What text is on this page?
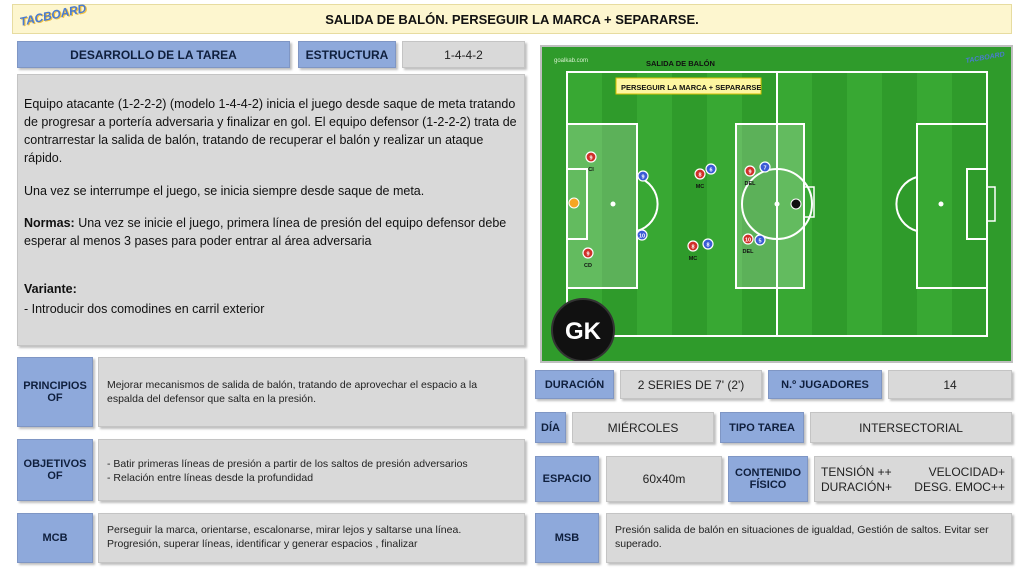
TACBOARD	SALIDA DE BALÓN. PERSEGUIR LA MARCA + SEPARARSE.
DESARROLLO DE LA TAREA	ESTRUCTURA	1-4-4-2

Equipo atacante (1-2-2-2) (modelo 1-4-4-2) inicia el juego desde saque de meta tratando de progresar a portería adversaria y finalizar en gol. El equipo defensor (1-2-2-2) trata de contrarrestar la salida de balón, tratando de recuperar el balón y realizar un ataque rápido.

Una vez se interrumpe el juego, se inicia siempre desde saque de meta.

Normas: Una vez se inicie el juego, primera línea de presión del equipo defensor debe esperar al menos 3 pases para poder entrar al área adversaria

Variante:

- Introducir dos comodines en carril exterior

goalkab.com	SALIDA DE BALÓN	TACBOARD
PERSEGUIR LA MARCA + SEPARARSE
9
CI
8
MC
9
DEL
9
CD
8
MC
10
DEL
9
6	7
10
8
5
GK
PRINCIPIOS OF
Mejorar mecanismos de salida de balón, tratando de aprovechar el espacio a la espalda del defensor que salta en la presión.
OBJETIVOS OF
- Batir primeras líneas de presión a partir de los saltos de presión adversarios
- Relación entre líneas desde la profundidad
MCB
Perseguir la marca, orientarse, escalonarse, mirar lejos y saltarse una línea. Progresión, superar líneas, identificar y generar espacios , finalizar
DURACIÓN	2 SERIES DE 7' (2')	N.º JUGADORES	14
DÍA	MIÉRCOLES	TIPO TAREA	INTERSECTORIAL
ESPACIO	60x40m	CONTENIDO FÍSICO
TENSIÓN ++	VELOCIDAD+
DURACIÓN+	DESG. EMOC++
MSB
Presión salida de balón en situaciones de igualdad, Gestión de saltos. Evitar ser superado.
